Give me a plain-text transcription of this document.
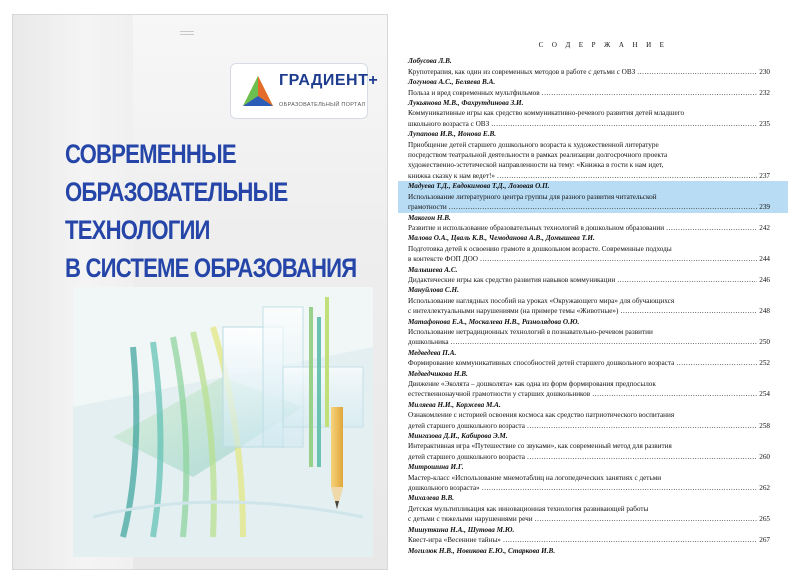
ГРАДИЕНТ+
ОБРАЗОВАТЕЛЬНЫЙ ПОРТАЛ
СОВРЕМЕННЫЕ
ОБРАЗОВАТЕЛЬНЫЕ
ТЕХНОЛОГИИ
В СИСТЕМЕ ОБРАЗОВАНИЯ
С О Д Е Р Ж А Н И Е
Лобусова Л.В.
Крупотерапия, как один из современных методов в работе с детьми с ОВЗ ……………………………………………………………………………………………………………………………………………………………………	230
Логунова А.С., Беляева В.А.
Польза и вред современных мультфильмов ……………………………………………………………………………………………………………………………………………………………………	232
Лукьянова М.В., Фахрутдинова З.И.
Коммуникативные игры как средство коммуникативно-речевого развития детей младшего
школьного возраста с ОВЗ ……………………………………………………………………………………………………………………………………………………………………	235
Лупапова И.В., Ионова Е.В.
Приобщение детей старшего дошкольного возраста к художественной литературе
посредством театральной деятельности в рамках реализации долгосрочного проекта
художественно-эстетической направленности на тему: «Книжка в гости к нам идет,
книжка сказку к нам ведет!» ……………………………………………………………………………………………………………………………………………………………………	237
Мадуева Т.Д., Евдокимова Т.Д., Лозовая О.П.
Использование литературного центра группы для разного развития читательской
грамотности ……………………………………………………………………………………………………………………………………………………………………	239
Макогон Н.В.
Развитие и использование образовательных технологий в дошкольном образовании ……………………………………………………………………………………………………………………………………………………………………	242
Малова О.А., Цваль К.В., Чемоданова А.В., Домышева Т.И.
Подготовка детей к освоению грамоте в дошкольном возрасте. Современные подходы
в контексте ФОП ДОО ……………………………………………………………………………………………………………………………………………………………………	244
Малышева А.С.
Дидактические игры как средство развития навыков коммуникации ……………………………………………………………………………………………………………………………………………………………………	246
Мануйлова С.Н.
Использование наглядных пособий на уроках «Окружающего мира» для обучающихся
с интеллектуальными нарушениями (на примере темы «Животные») ……………………………………………………………………………………………………………………………………………………………………	248
Матафонова Е.А., Москалева Н.В., Разнолядова О.Ю.
Использование нетрадиционных технологий в познавательно-речевом развитии
дошкольника ……………………………………………………………………………………………………………………………………………………………………	250
Медведева П.А.
Формирование коммуникативных способностей детей старшего дошкольного возраста ……………………………………………………………………………………………………………………………………………………………………	252
Медведчикова Н.В.
Движение «Эколята – дошколята» как одна из форм формирования предпосылок
естественнонаучной грамотности у старших дошкольников ……………………………………………………………………………………………………………………………………………………………………	254
Миляева Н.И., Коржева М.А.
Ознакомление с историей освоения космоса как средство патриотического воспитания
детей старшего дошкольного возраста ……………………………………………………………………………………………………………………………………………………………………	258
Мингазова Д.И., Кабирова Э.М.
Интерактивная игра «Путешествие со звуками», как современный метод для развития
детей старшего дошкольного возраста ……………………………………………………………………………………………………………………………………………………………………	260
Митрошина И.Г.
Мастер-класс «Использование мнемотаблиц на логопедических занятиях с детьми
дошкольного возраста» ……………………………………………………………………………………………………………………………………………………………………	262
Михалева В.В.
Детская мультипликация как инновационная технология развивающей работы
с детьми с тяжелыми нарушениями речи ……………………………………………………………………………………………………………………………………………………………………	265
Мишуткина Н.А., Шутова М.Ю.
Квест-игра «Весенние тайны» ……………………………………………………………………………………………………………………………………………………………………	267
Могилюк Н.В., Новикова Е.Ю., Старкова И.В.
